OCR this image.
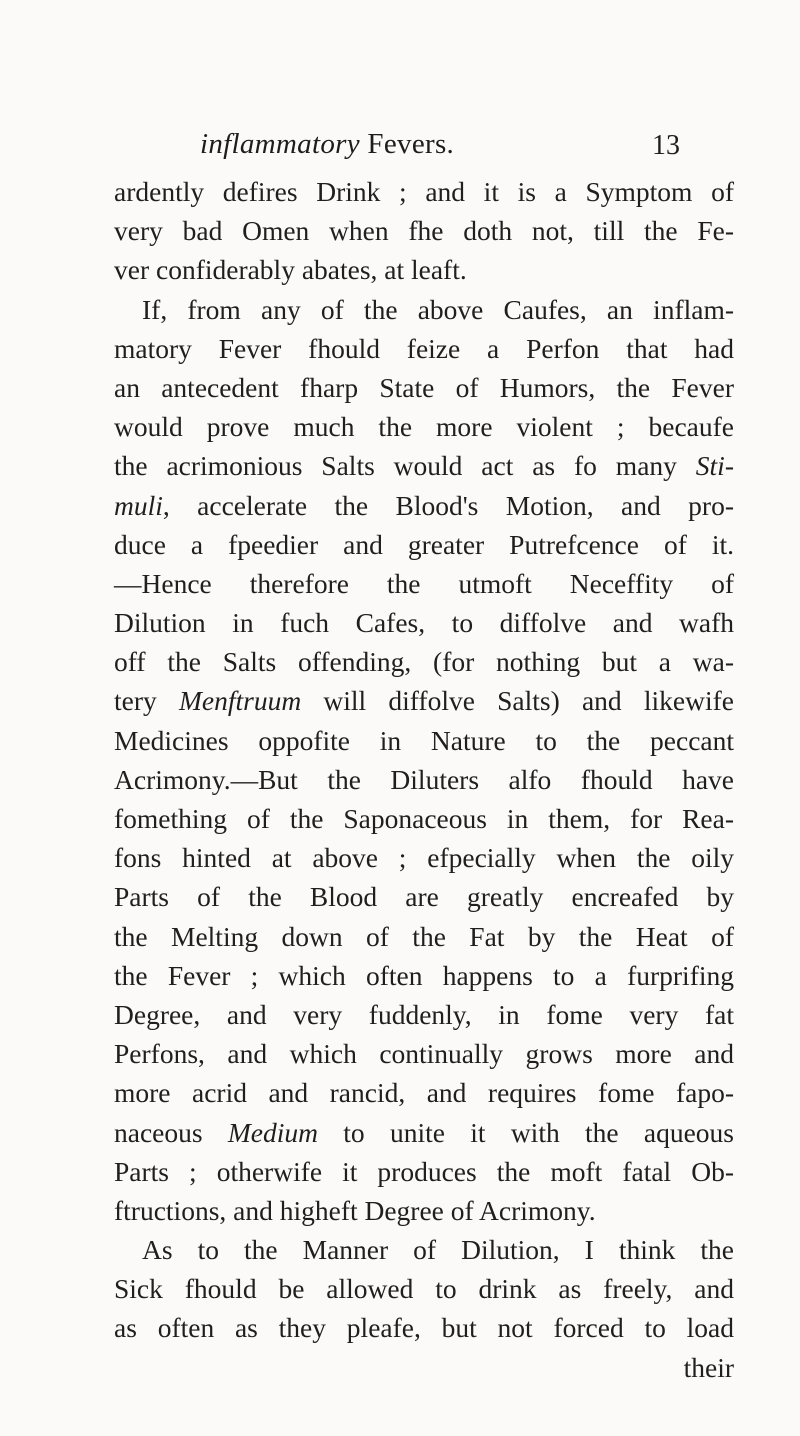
inflammatory Fevers.	13
ardently defires Drink ; and it is a Symptom of
very bad Omen when fhe doth not, till the Fe-
ver confiderably abates, at leaft.
If, from any of the above Caufes, an inflam-
matory Fever fhould feize a Perfon that had
an antecedent fharp State of Humors, the Fever
would prove much the more violent ; becaufe
the acrimonious Salts would act as fo many Sti-
muli, accelerate the Blood's Motion, and pro-
duce a fpeedier and greater Putrefcence of it.
—Hence therefore the utmoft Neceffity of
Dilution in fuch Cafes, to diffolve and wafh
off the Salts offending, (for nothing but a wa-
tery Menftruum will diffolve Salts) and likewife
Medicines oppofite in Nature to the peccant
Acrimony.—But the Diluters alfo fhould have
fomething of the Saponaceous in them, for Rea-
fons hinted at above ; efpecially when the oily
Parts of the Blood are greatly encreafed by
the Melting down of the Fat by the Heat of
the Fever ; which often happens to a furprifing
Degree, and very fuddenly, in fome very fat
Perfons, and which continually grows more and
more acrid and rancid, and requires fome fapo-
naceous Medium to unite it with the aqueous
Parts ; otherwife it produces the moft fatal Ob-
ftructions, and higheft Degree of Acrimony.
As to the Manner of Dilution, I think the
Sick fhould be allowed to drink as freely, and
as often as they pleafe, but not forced to load
their
